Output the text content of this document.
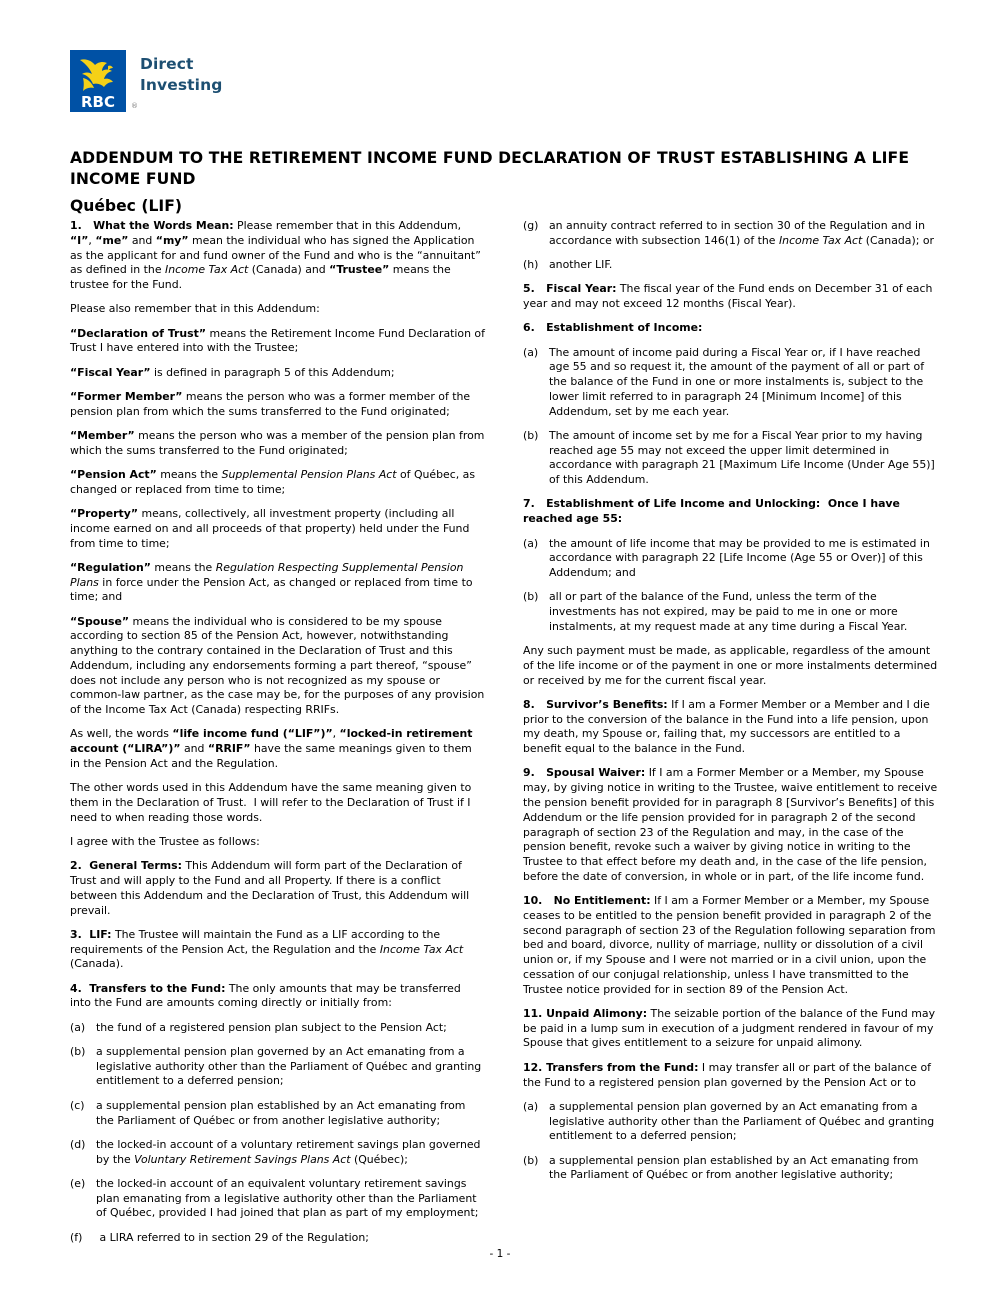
RBC ®
Direct
Investing
ADDENDUM TO THE RETIREMENT INCOME FUND DECLARATION OF TRUST ESTABLISHING A LIFE INCOME FUND
Québec (LIF)

1.   What the Words Mean: Please remember that in this Addendum, “I”, “me” and “my” mean the individual who has signed the Application as the applicant for and fund owner of the Fund and who is the “annuitant” as defined in the Income Tax Act (Canada) and “Trustee” means the trustee for the Fund.

Please also remember that in this Addendum:

“Declaration of Trust” means the Retirement Income Fund Declaration of Trust I have entered into with the Trustee;

“Fiscal Year” is defined in paragraph 5 of this Addendum;

“Former Member” means the person who was a former member of the pension plan from which the sums transferred to the Fund originated;

“Member” means the person who was a member of the pension plan from which the sums transferred to the Fund originated;

“Pension Act” means the Supplemental Pension Plans Act of Québec, as changed or replaced from time to time;

“Property” means, collectively, all investment property (including all income earned on and all proceeds of that property) held under the Fund from time to time;

“Regulation” means the Regulation Respecting Supplemental Pension Plans in force under the Pension Act, as changed or replaced from time to time; and

“Spouse” means the individual who is considered to be my spouse according to section 85 of the Pension Act, however, notwithstanding anything to the contrary contained in the Declaration of Trust and this Addendum, including any endorsements forming a part thereof, “spouse” does not include any person who is not recognized as my spouse or common-law partner, as the case may be, for the purposes of any provision of the Income Tax Act (Canada) respecting RRIFs.

As well, the words “life income fund (“LIF”)”, “locked-in retirement account (“LIRA”)” and “RRIF” have the same meanings given to them in the Pension Act and the Regulation.

The other words used in this Addendum have the same meaning given to them in the Declaration of Trust.  I will refer to the Declaration of Trust if I need to when reading those words.

I agree with the Trustee as follows:

2.  General Terms: This Addendum will form part of the Declaration of Trust and will apply to the Fund and all Property. If there is a conflict between this Addendum and the Declaration of Trust, this Addendum will prevail.

3.  LIF: The Trustee will maintain the Fund as a LIF according to the requirements of the Pension Act, the Regulation and the Income Tax Act (Canada).

4.  Transfers to the Fund: The only amounts that may be transferred into the Fund are amounts coming directly or initially from:

(a) the fund of a registered pension plan subject to the Pension Act;

(b) a supplemental pension plan governed by an Act emanating from a legislative authority other than the Parliament of Québec and granting entitlement to a deferred pension;

(c) a supplemental pension plan established by an Act emanating from the Parliament of Québec or from another legislative authority;

(d) the locked-in account of a voluntary retirement savings plan governed by the Voluntary Retirement Savings Plans Act (Québec);

(e) the locked-in account of an equivalent voluntary retirement savings plan emanating from a legislative authority other than the Parliament of Québec, provided I had joined that plan as part of my employment;

(f) a LIRA referred to in section 29 of the Regulation;

(g) an annuity contract referred to in section 30 of the Regulation and in accordance with subsection 146(1) of the Income Tax Act (Canada); or

(h) another LIF.

5.   Fiscal Year: The fiscal year of the Fund ends on December 31 of each year and may not exceed 12 months (Fiscal Year).

6.   Establishment of Income:

(a) The amount of income paid during a Fiscal Year or, if I have reached age 55 and so request it, the amount of the payment of all or part of the balance of the Fund in one or more instalments is, subject to the lower limit referred to in paragraph 24 [Minimum Income] of this Addendum, set by me each year.

(b) The amount of income set by me for a Fiscal Year prior to my having reached age 55 may not exceed the upper limit determined in accordance with paragraph 21 [Maximum Life Income (Under Age 55)] of this Addendum.

7.   Establishment of Life Income and Unlocking:  Once I have reached age 55:

(a) the amount of life income that may be provided to me is estimated in accordance with paragraph 22 [Life Income (Age 55 or Over)] of this Addendum; and

(b) all or part of the balance of the Fund, unless the term of the investments has not expired, may be paid to me in one or more instalments, at my request made at any time during a Fiscal Year.

Any such payment must be made, as applicable, regardless of the amount of the life income or of the payment in one or more instalments determined or received by me for the current fiscal year.

8.   Survivor’s Benefits: If I am a Former Member or a Member and I die prior to the conversion of the balance in the Fund into a life pension, upon my death, my Spouse or, failing that, my successors are entitled to a benefit equal to the balance in the Fund.

9.   Spousal Waiver: If I am a Former Member or a Member, my Spouse may, by giving notice in writing to the Trustee, waive entitlement to receive the pension benefit provided for in paragraph 8 [Survivor’s Benefits] of this Addendum or the life pension provided for in paragraph 2 of the second paragraph of section 23 of the Regulation and may, in the case of the pension benefit, revoke such a waiver by giving notice in writing to the Trustee to that effect before my death and, in the case of the life pension, before the date of conversion, in whole or in part, of the life income fund.

10.   No Entitlement: If I am a Former Member or a Member, my Spouse ceases to be entitled to the pension benefit provided in paragraph 2 of the second paragraph of section 23 of the Regulation following separation from bed and board, divorce, nullity of marriage, nullity or dissolution of a civil union or, if my Spouse and I were not married or in a civil union, upon the cessation of our conjugal relationship, unless I have transmitted to the Trustee notice provided for in section 89 of the Pension Act.

11. Unpaid Alimony: The seizable portion of the balance of the Fund may be paid in a lump sum in execution of a judgment rendered in favour of my Spouse that gives entitlement to a seizure for unpaid alimony.

12. Transfers from the Fund: I may transfer all or part of the balance of the Fund to a registered pension plan governed by the Pension Act or to

(a) a supplemental pension plan governed by an Act emanating from a legislative authority other than the Parliament of Québec and granting entitlement to a deferred pension;

(b) a supplemental pension plan established by an Act emanating from the Parliament of Québec or from another legislative authority;

- 1 -
